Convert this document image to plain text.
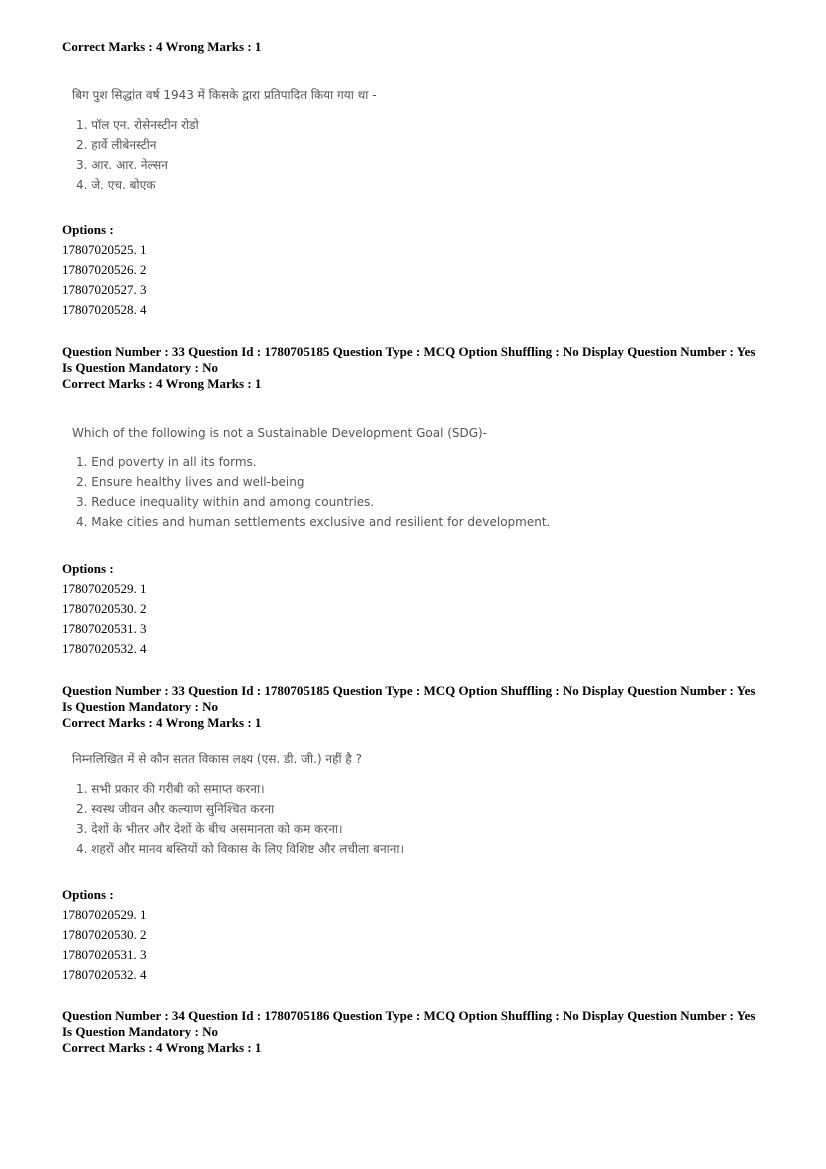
Correct Marks : 4 Wrong Marks : 1
बिग पुश सिद्धांत वर्ष 1943 में किसके द्वारा प्रतिपादित किया गया था -
1. पॉल एन. रोसेनस्टीन रोडो
2. हार्वे लीबेनस्टीन
3. आर. आर. नेल्सन
4. जे. एच. बोएक
Options :
17807020525. 1
17807020526. 2
17807020527. 3
17807020528. 4
Question Number : 33 Question Id : 1780705185 Question Type : MCQ Option Shuffling : No Display Question Number : Yes
Is Question Mandatory : No
Correct Marks : 4 Wrong Marks : 1
Which of the following is not a Sustainable Development Goal (SDG)-
1. End poverty in all its forms.
2. Ensure healthy lives and well-being
3. Reduce inequality within and among countries.
4. Make cities and human settlements exclusive and resilient for development.
Options :
17807020529. 1
17807020530. 2
17807020531. 3
17807020532. 4
Question Number : 33 Question Id : 1780705185 Question Type : MCQ Option Shuffling : No Display Question Number : Yes
Is Question Mandatory : No
Correct Marks : 4 Wrong Marks : 1
निम्नलिखित में से कौन सतत विकास लक्ष्य (एस. डी. जी.) नहीं है ?
1. सभी प्रकार की गरीबी को समाप्त करना।
2. स्वस्थ जीवन और कल्याण सुनिश्चित करना
3. देशों के भीतर और देशों के बीच असमानता को कम करना।
4. शहरों और मानव बस्तियों को विकास के लिए विशिष्ट और लचीला बनाना।
Options :
17807020529. 1
17807020530. 2
17807020531. 3
17807020532. 4
Question Number : 34 Question Id : 1780705186 Question Type : MCQ Option Shuffling : No Display Question Number : Yes
Is Question Mandatory : No
Correct Marks : 4 Wrong Marks : 1
